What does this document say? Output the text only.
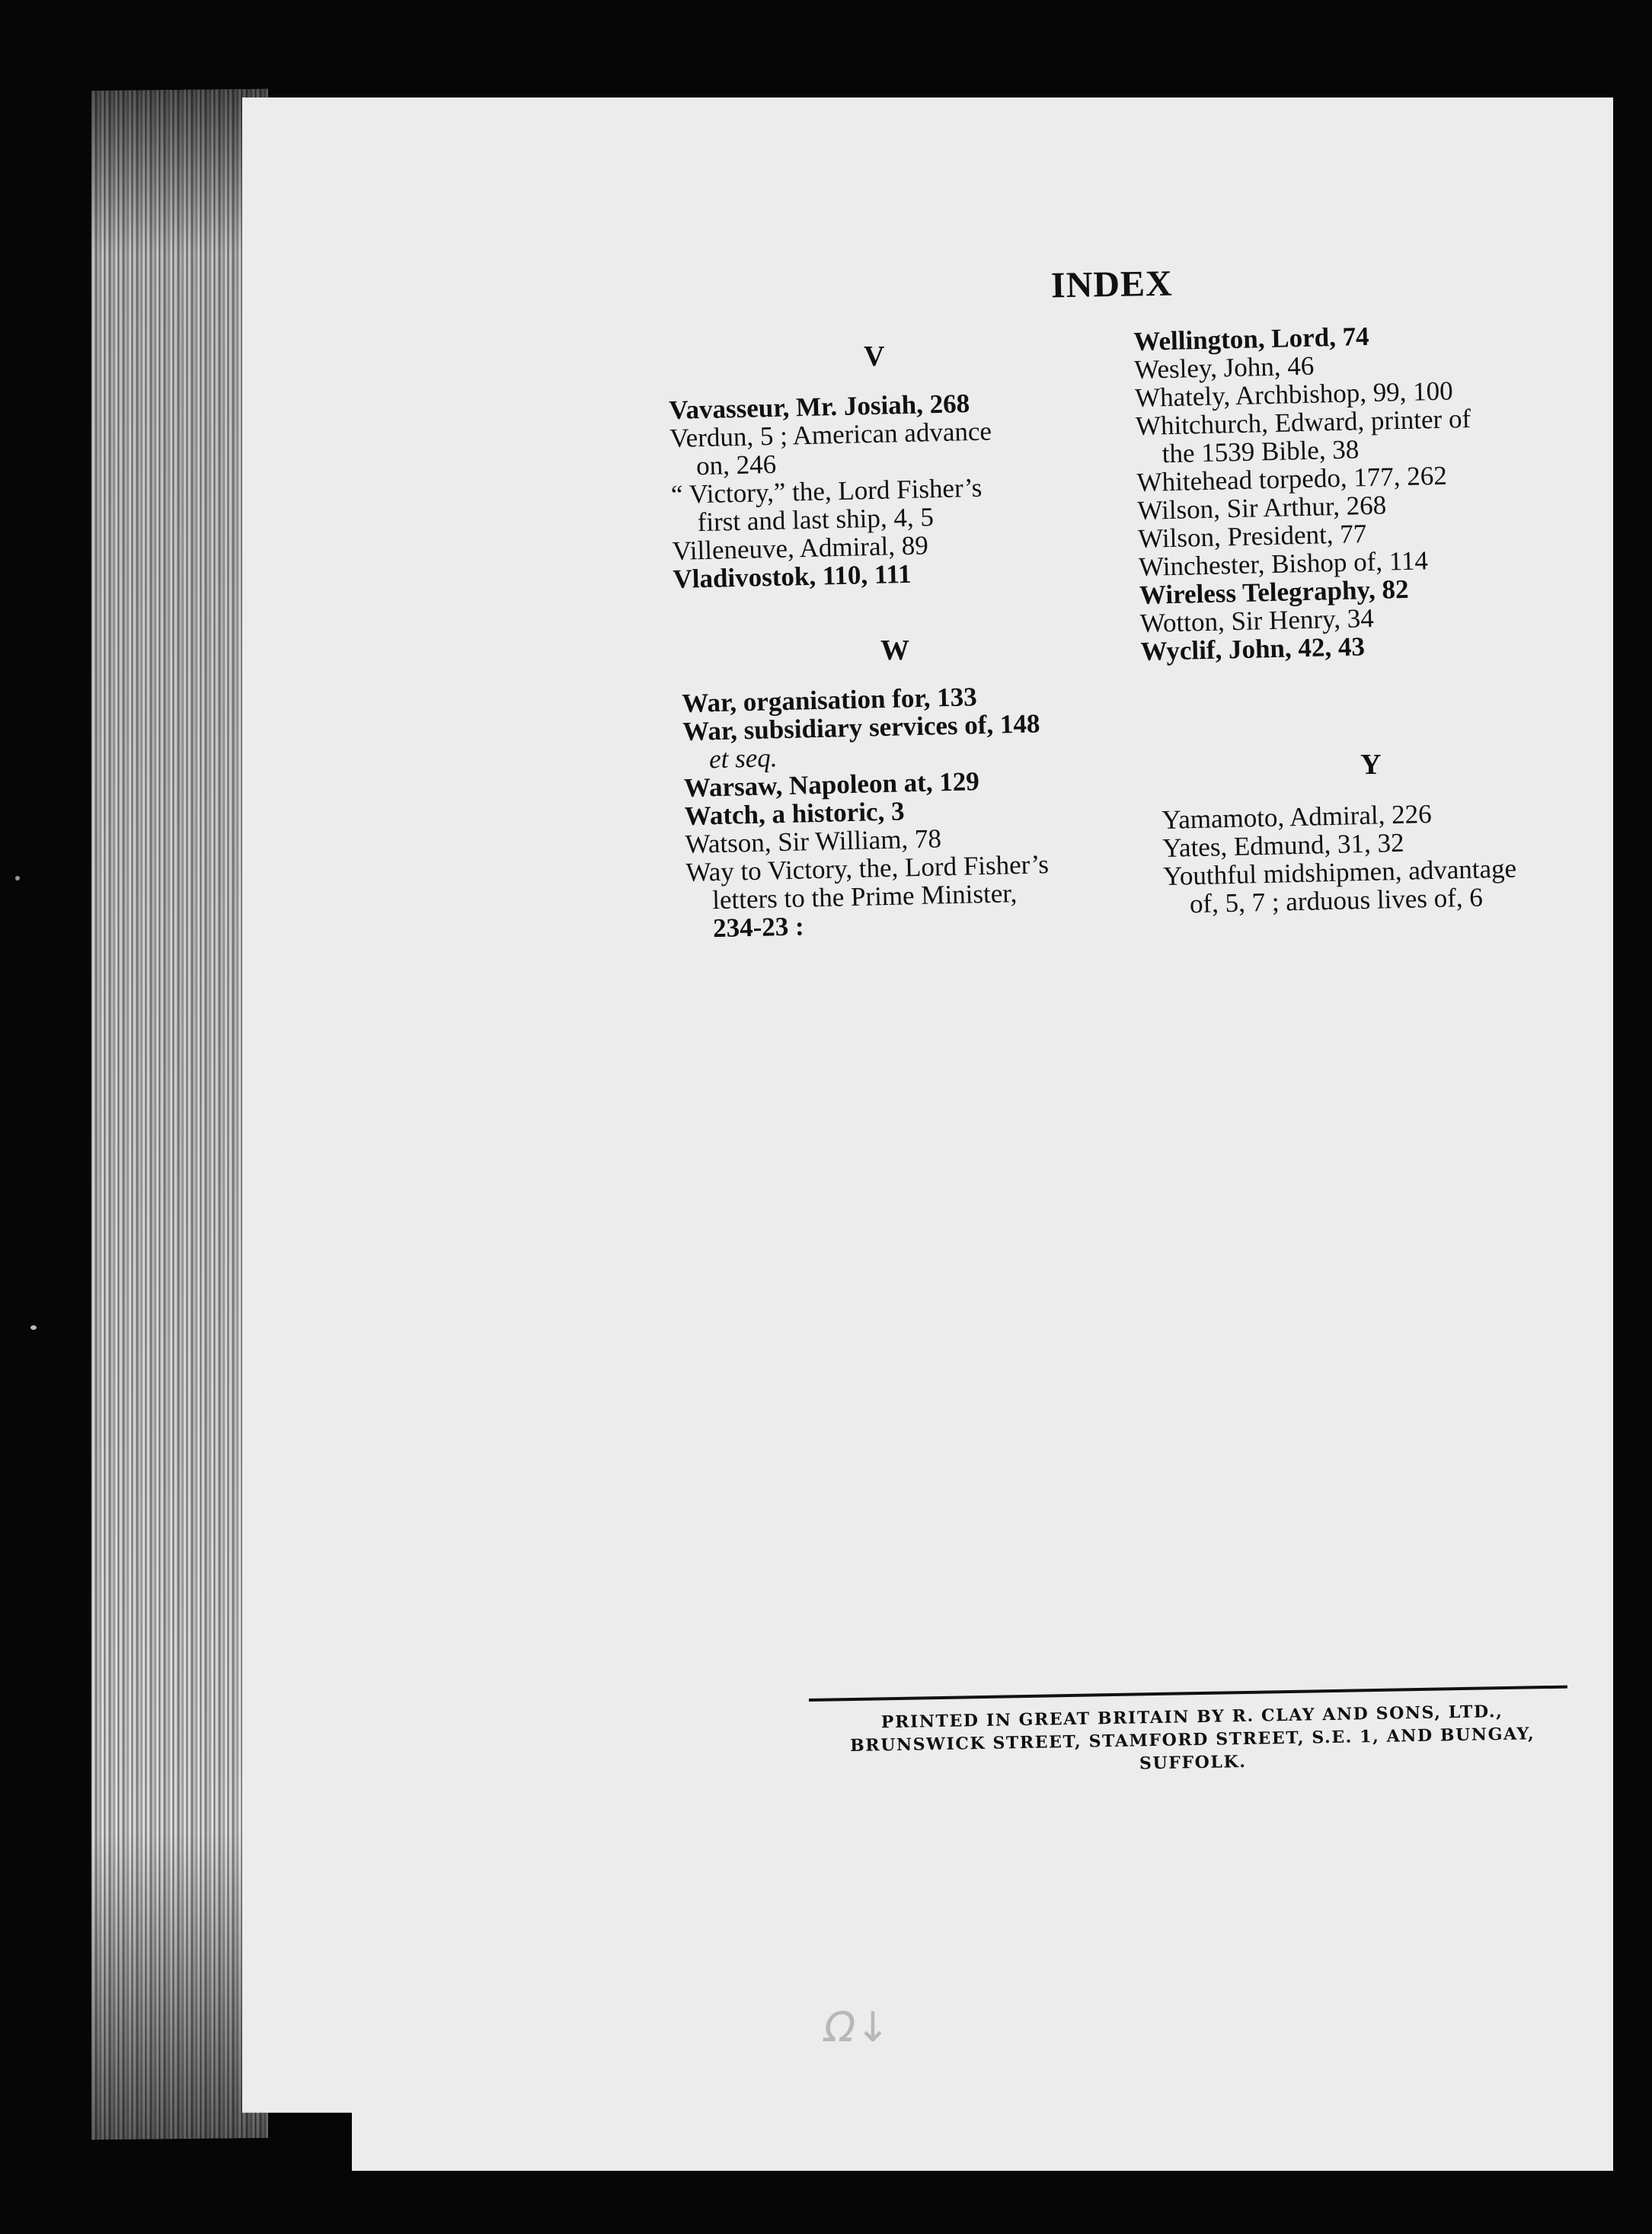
INDEX
V
Vavasseur, Mr. Josiah, 268
Verdun, 5 ; American advance
on, 246
“ Victory,” the, Lord Fisher’s
first and last ship, 4, 5
Villeneuve, Admiral, 89
Vladivostok, 110, 111
W
War, organisation for, 133
War, subsidiary services of, 148
et seq.
Warsaw, Napoleon at, 129
Watch, a historic, 3
Watson, Sir William, 78
Way to Victory, the, Lord Fisher’s
letters to the Prime Minister,
234-23 :
Wellington, Lord, 74
Wesley, John, 46
Whately, Archbishop, 99, 100
Whitchurch, Edward, printer of
the 1539 Bible, 38
Whitehead torpedo, 177, 262
Wilson, Sir Arthur, 268
Wilson, President, 77
Winchester, Bishop of, 114
Wireless Telegraphy, 82
Wotton, Sir Henry, 34
Wyclif, John, 42, 43
Y
Yamamoto, Admiral, 226
Yates, Edmund, 31, 32
Youthful midshipmen, advantage
of, 5, 7 ; arduous lives of, 6
PRINTED IN GREAT BRITAIN BY R. CLAY AND SONS, LTD.,
BRUNSWICK STREET, STAMFORD STREET, S.E. 1, AND BUNGAY, SUFFOLK.
Ω↓
